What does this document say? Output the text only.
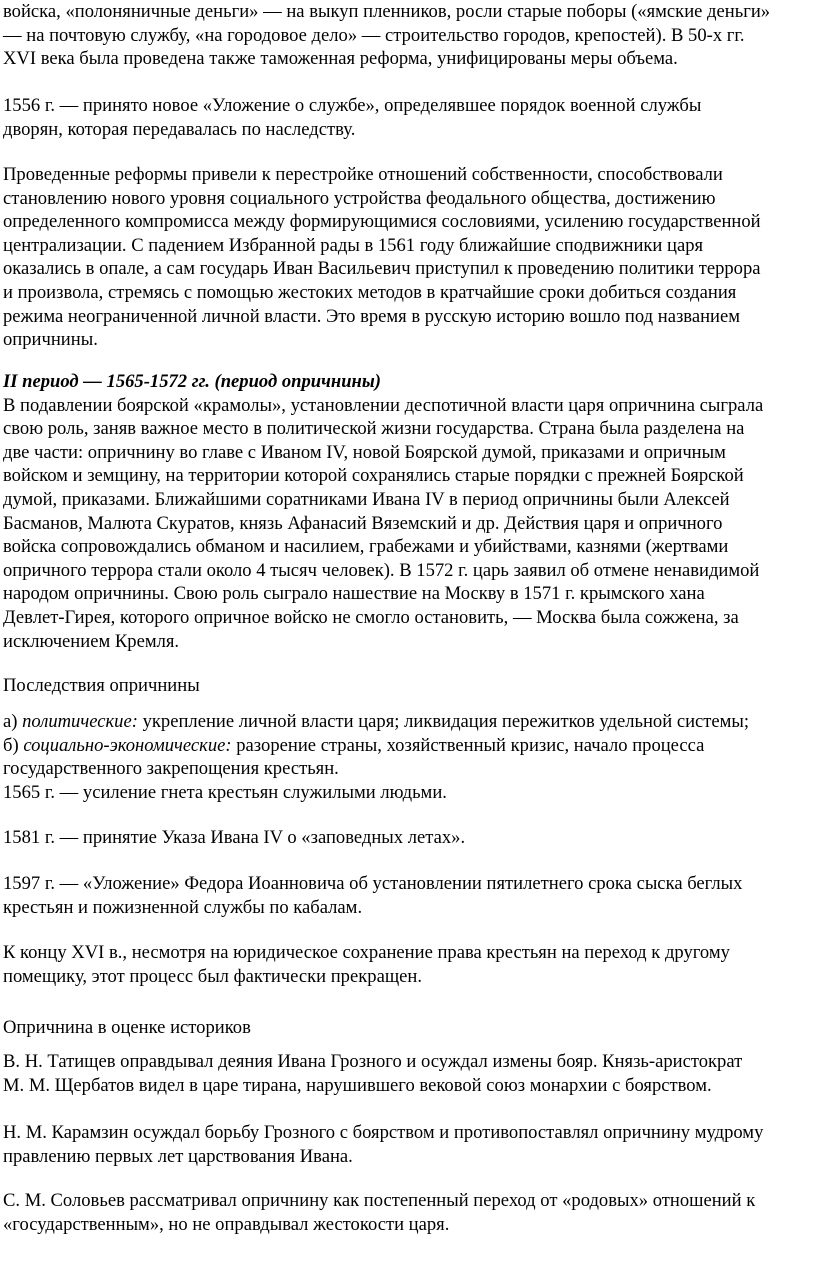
войска, «полоняничные деньги» — на выкуп пленников, росли старые поборы («ямские деньги»
— на почтовую службу, «на городовое дело» — строительство городов, крепостей). В 50-х гг.
XVI века была проведена также таможенная реформа, унифицированы меры объема.

1556 г. — принято новое «Уложение о службе», определявшее порядок военной службы
дворян, которая передавалась по наследству.

Проведенные реформы привели к перестройке отношений собственности, способствовали
становлению нового уровня социального устройства феодального общества, достижению
определенного компромисса между формирующимися сословиями, усилению государственной
централизации. С падением Избранной рады в 1561 году ближайшие сподвижники царя
оказались в опале, а сам государь Иван Васильевич приступил к проведению политики террора
и произвола, стремясь с помощью жестоких методов в кратчайшие сроки добиться создания
режима неограниченной личной власти. Это время в русскую историю вошло под названием
опричнины.

II период — 1565-1572 гг. (период опричнины)
В подавлении боярской «крамолы», установлении деспотичной власти царя опричнина сыграла
свою роль, заняв важное место в политической жизни государства. Страна была разделена на
две части: опричнину во главе с Иваном IV, новой Боярской думой, приказами и опричным
войском и земщину, на территории которой сохранялись старые порядки с прежней Боярской
думой, приказами. Ближайшими соратниками Ивана IV в период опричнины были Алексей
Басманов, Малюта Скуратов, князь Афанасий Вяземский и др. Действия царя и опричного
войска сопровождались обманом и насилием, грабежами и убийствами, казнями (жертвами
опричного террора стали около 4 тысяч человек). В 1572 г. царь заявил об отмене ненавидимой
народом опричнины. Свою роль сыграло нашествие на Москву в 1571 г. крымского хана
Девлет-Гирея, которого опричное войско не смогло остановить, — Москва была сожжена, за
исключением Кремля.

Последствия опричнины

а) политические: укрепление личной власти царя; ликвидация пережитков удельной системы;
б) социально-экономические: разорение страны, хозяйственный кризис, начало процесса
государственного закрепощения крестьян.
1565 г. — усиление гнета крестьян служилыми людьми.

1581 г. — принятие Указа Ивана IV о «заповедных летах».

1597 г. — «Уложение» Федора Иоанновича об установлении пятилетнего срока сыска беглых
крестьян и пожизненной службы по кабалам.

К концу XVI в., несмотря на юридическое сохранение права крестьян на переход к другому
помещику, этот процесс был фактически прекращен.

Опричнина в оценке историков

В. Н. Татищев оправдывал деяния Ивана Грозного и осуждал измены бояр. Князь-аристократ
М. М. Щербатов видел в царе тирана, нарушившего вековой союз монархии с боярством.

Н. М. Карамзин осуждал борьбу Грозного с боярством и противопоставлял опричнину мудрому
правлению первых лет царствования Ивана.

С. М. Соловьев рассматривал опричнину как постепенный переход от «родовых» отношений к
«государственным», но не оправдывал жестокости царя.
